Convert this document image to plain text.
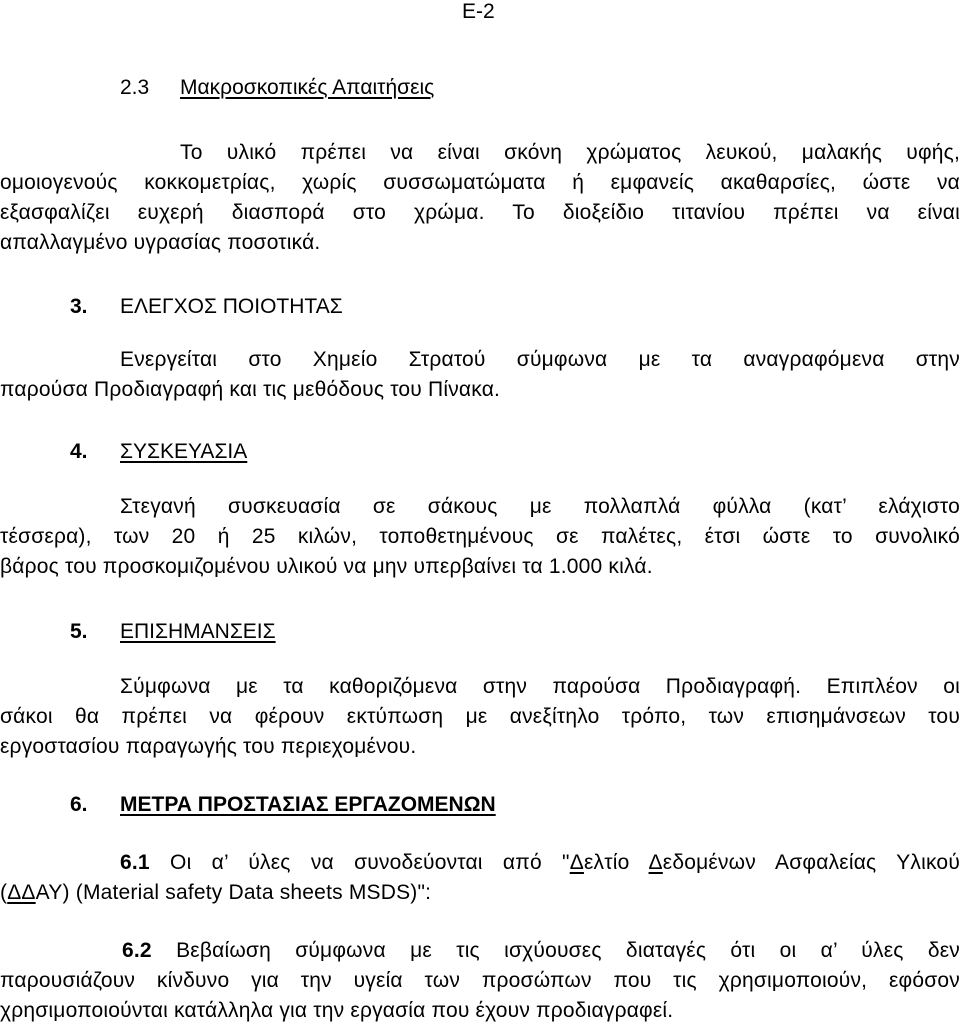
Ε-2
2.3 Μακροσκοπικές Απαιτήσεις
Το υλικό πρέπει να είναι σκόνη χρώματος λευκού, μαλακής υφής,
ομοιογενούς κοκκομετρίας, χωρίς συσσωματώματα ή εμφανείς ακαθαρσίες, ώστε να
εξασφαλίζει ευχερή διασπορά στο χρώμα. Το διοξείδιο τιτανίου πρέπει να είναι
απαλλαγμένο υγρασίας ποσοτικά.
3. ΕΛΕΓΧΟΣ ΠΟΙΟΤΗΤΑΣ
Ενεργείται στο Χημείο Στρατού σύμφωνα με τα αναγραφόμενα στην
παρούσα Προδιαγραφή και τις μεθόδους του Πίνακα.
4. ΣΥΣΚΕΥΑΣΙΑ
Στεγανή συσκευασία σε σάκους με πολλαπλά φύλλα (κατ’ ελάχιστο
τέσσερα), των 20 ή 25 κιλών, τοποθετημένους σε παλέτες, έτσι ώστε το συνολικό
βάρος του προσκομιζομένου υλικού να μην υπερβαίνει τα 1.000 κιλά.
5. ΕΠΙΣΗΜΑΝΣΕΙΣ
Σύμφωνα με τα καθοριζόμενα στην παρούσα Προδιαγραφή. Επιπλέον οι
σάκοι θα πρέπει να φέρουν εκτύπωση με ανεξίτηλο τρόπο, των επισημάνσεων του
εργοστασίου παραγωγής του περιεχομένου.
6. ΜΕΤΡΑ ΠΡΟΣΤΑΣΙΑΣ ΕΡΓΑΖΟΜΕΝΩΝ
6.1 Οι α’ ύλες να συνοδεύονται από "Δελτίο Δεδομένων Ασφαλείας Υλικού
(ΔΔΑΥ) (Material safety Data sheets MSDS)":
6.2 Βεβαίωση σύμφωνα με τις ισχύουσες διαταγές ότι οι α’ ύλες δεν
παρουσιάζουν κίνδυνο για την υγεία των προσώπων που τις χρησιμοποιούν, εφόσον
χρησιμοποιούνται κατάλληλα για την εργασία που έχουν προδιαγραφεί.
